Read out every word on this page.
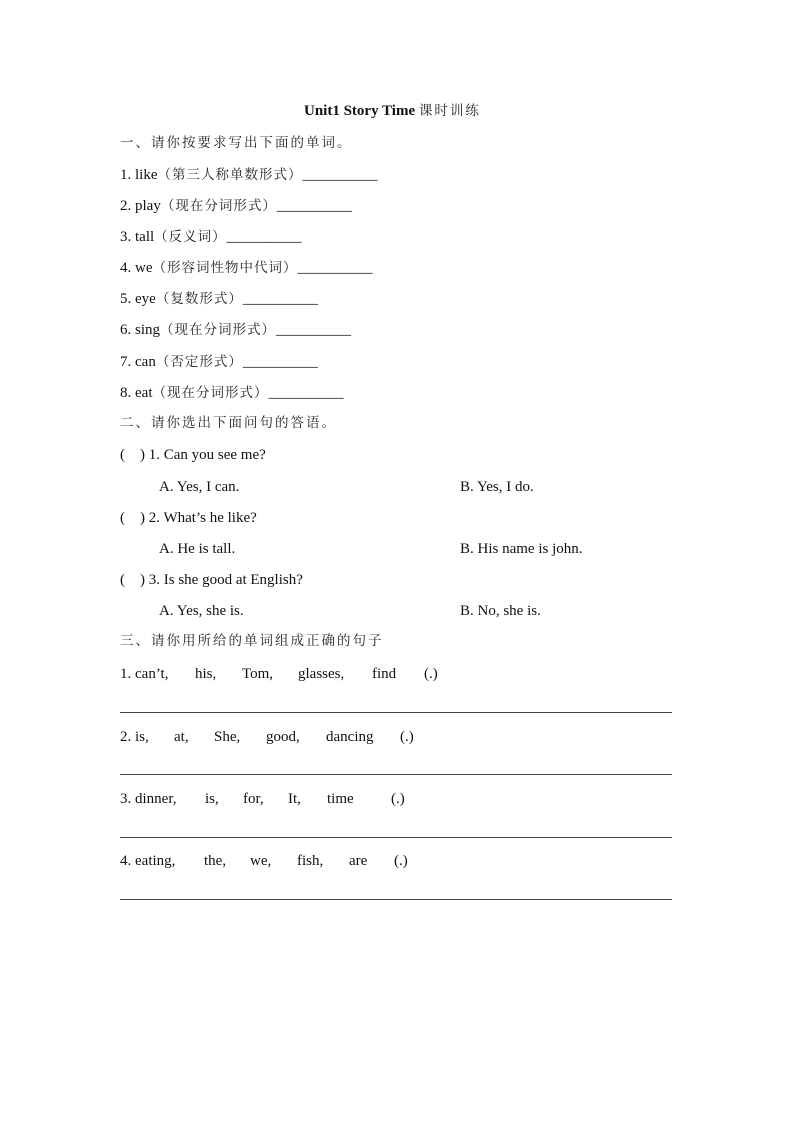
Unit1 Story Time 课时训练
一、请你按要求写出下面的单词。
1. like（第三人称单数形式）__________
2. play（现在分词形式）__________
3. tall（反义词）__________
4. we（形容词性物中代词）__________
5. eye（复数形式）__________
6. sing（现在分词形式）__________
7. can（否定形式）__________
8. eat（现在分词形式）__________
二、请你选出下面问句的答语。
(    ) 1. Can you see me?
A. Yes, I can.	B. Yes, I do.
(    ) 2. What’s he like?
A. He is tall.	B. His name is john.
(    ) 3. Is she good at English?
A. Yes, she is.	B. No, she is.
三、请你用所给的单词组成正确的句子
1. can’t, his, Tom, glasses, find (.)
2. is, at, She, good, dancing (.)
3. dinner, is, for, It, time (.)
4. eating, the, we, fish, are (.)
